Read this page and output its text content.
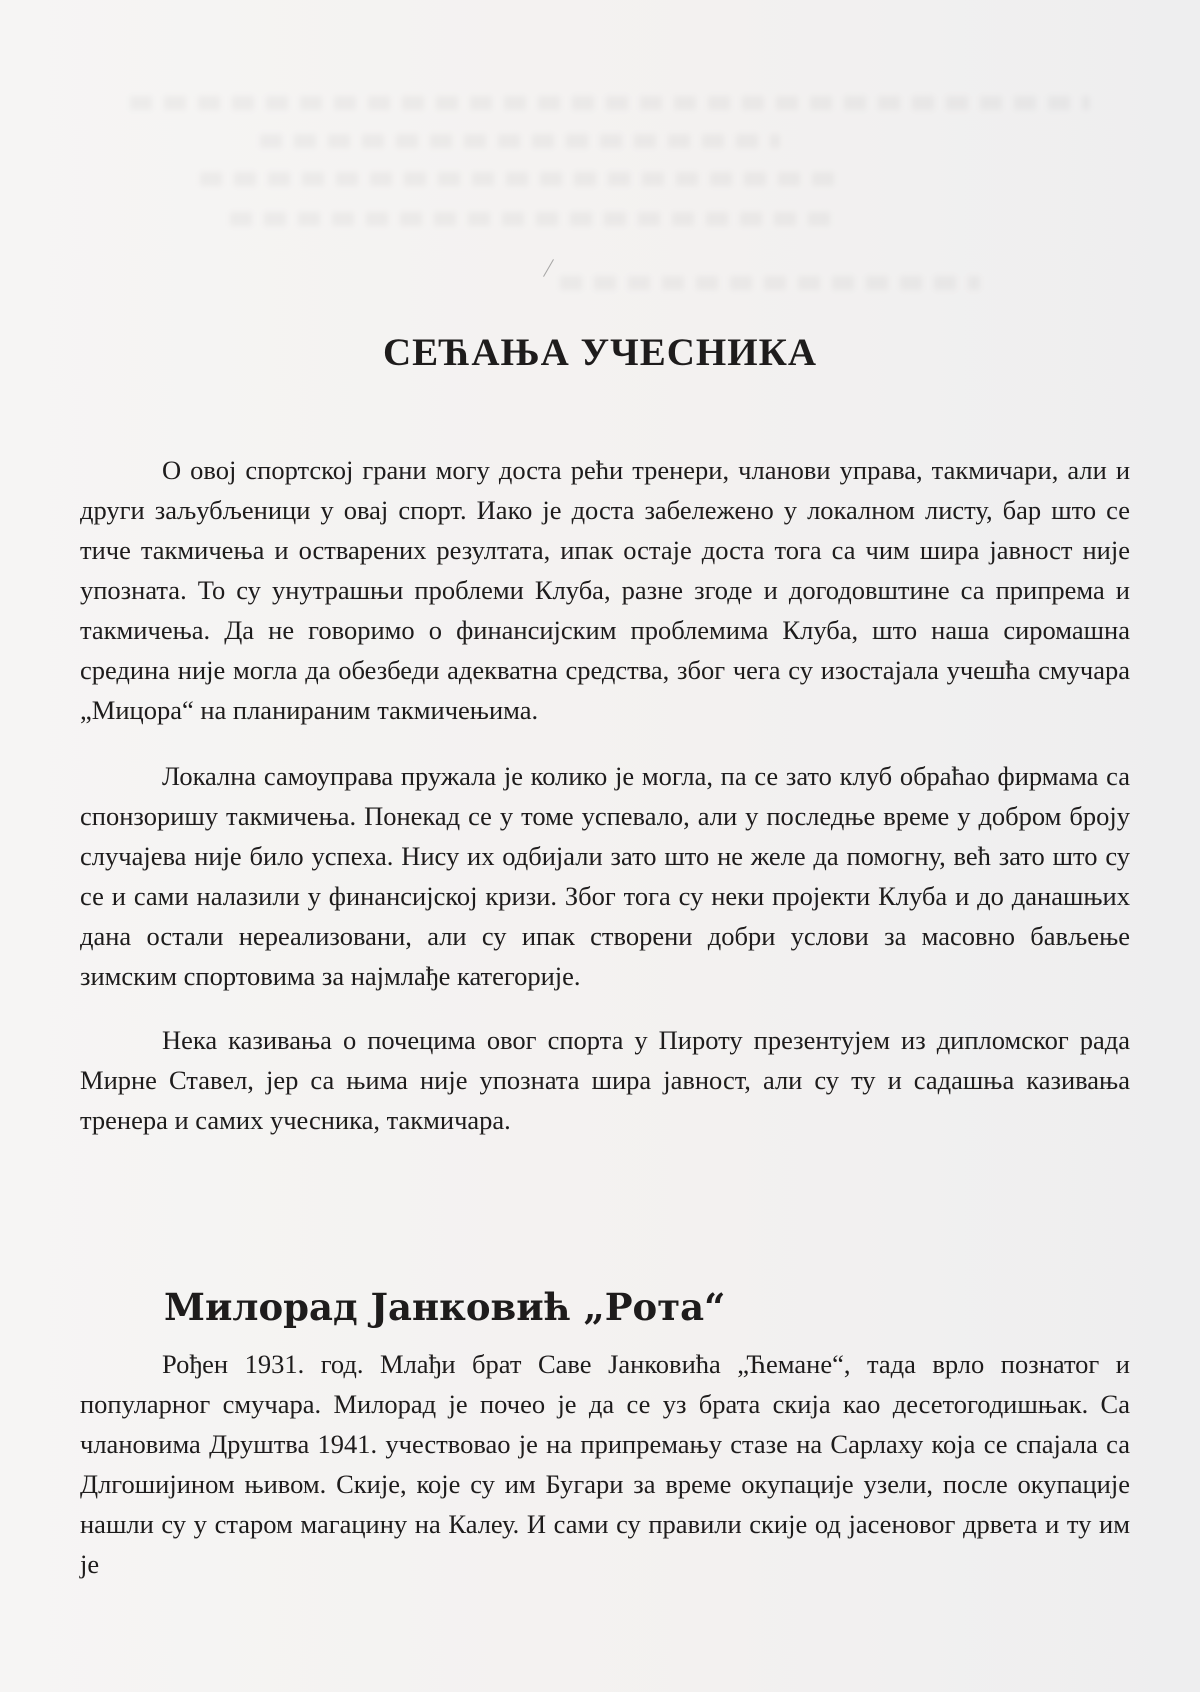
СЕЋАЊА УЧЕСНИКА

О овој спортској грани могу доста рећи тренери, чланови управа, такмичари, али и други заљубљеници у овај спорт. Иако је доста забележено у локалном листу, бар што се тиче такмичења и остварених резултата, ипак остаје доста тога са чим шира јавност није упозната. То су унутрашњи проблеми Клуба, разне згоде и догодовштине са припрема и такмичења. Да не говоримо о финансијским проблемима Клуба, што наша сиромашна средина није могла да обезбеди адекватна средства, због чега су изостајала учешћа смучара „Мицора“ на планираним такмичењима.

Локална самоуправа пружала је колико је могла, па се зато клуб обраћао фирмама са спонзоришу такмичења. Понекад се у томе успевало, али у последње време у добром броју случајева није било успеха. Нису их одбијали зато што не желе да помогну, већ зато што су се и сами налазили у финансијској кризи. Због тога су неки пројекти Клуба и до данашњих дана остали нереализовани, али су ипак створени добри услови за масовно бављење зимским спортовима за најмлађе категорије.

Нека казивања о почецима овог спорта у Пироту презентујем из дипломског рада Мирне Ставел, јер са њима није упозната шира јавност, али су ту и садашња казивања тренера и самих учесника, такмичара.

Милорад Јанковић „Рота“

Рођен 1931. год. Млађи брат Саве Јанковића „Ћемане“, тада врло познатог и популарног смучара. Милорад је почео је да се уз брата скија као десетогодишњак. Са члановима Друштва 1941. учествовао је на припремању стазе на Сарлаху која се спајала са Длгошијином њивом. Скије, које су им Бугари за време окупације узели, после окупације нашли су у старом магацину на Калеу. И сами су правили скије од јасеновог дрвета и ту им је
